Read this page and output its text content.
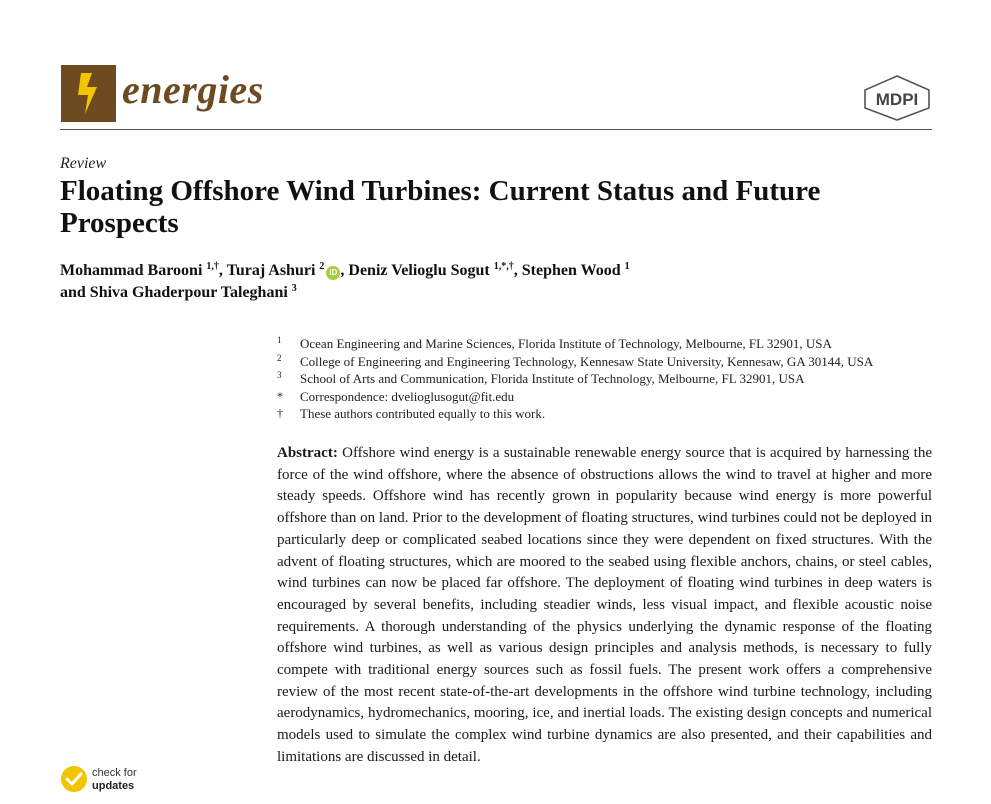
energies	MDPI
Review
Floating Offshore Wind Turbines: Current Status and Future Prospects
Mohammad Barooni $^{1,\dagger}$, Turaj Ashuri $^2$iD , Deniz Velioglu Sogut $^{1,*,\dagger}$, Stephen Wood $^1$
and Shiva Ghaderpour Taleghani $^3$
1	Ocean Engineering and Marine Sciences, Florida Institute of Technology, Melbourne, FL 32901, USA
2	College of Engineering and Engineering Technology, Kennesaw State University, Kennesaw, GA 30144, USA
3	School of Arts and Communication, Florida Institute of Technology, Melbourne, FL 32901, USA
*	Correspondence: dvelioglusogut@fit.edu
†	These authors contributed equally to this work.

Abstract: Offshore wind energy is a sustainable renewable energy source that is acquired by harnessing the force of the wind offshore, where the absence of obstructions allows the wind to travel at higher and more steady speeds. Offshore wind has recently grown in popularity because wind energy is more powerful offshore than on land. Prior to the development of floating structures, wind turbines could not be deployed in particularly deep or complicated seabed locations since they were dependent on fixed structures. With the advent of floating structures, which are moored to the seabed using flexible anchors, chains, or steel cables, wind turbines can now be placed far offshore. The deployment of floating wind turbines in deep waters is encouraged by several benefits, including steadier winds, less visual impact, and flexible acoustic noise requirements. A thorough understanding of the physics underlying the dynamic response of the floating offshore wind turbines, as well as various design principles and analysis methods, is necessary to fully compete with traditional energy sources such as fossil fuels. The present work offers a comprehensive review of the most recent state-of-the-art developments in the offshore wind turbine technology, including aerodynamics, hydromechanics, mooring, ice, and inertial loads. The existing design concepts and numerical models used to simulate the complex wind turbine dynamics are also presented, and their capabilities and limitations are discussed in detail.

check for
updates
